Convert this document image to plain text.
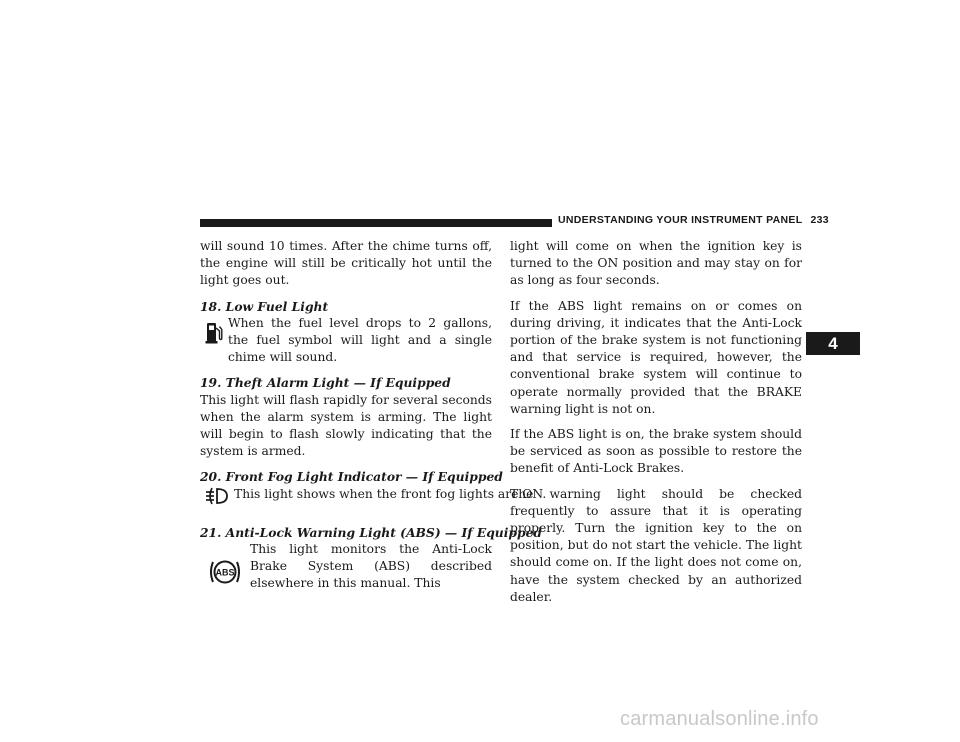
UNDERSTANDING YOUR INSTRUMENT PANEL 233

will sound 10 times. After the chime turns off, the engine will still be critically hot until the light goes out.

18. Low Fuel Light
When the fuel level drops to 2 gallons, the fuel symbol will light and a single chime will sound.
19. Theft Alarm Light — If Equipped

This light will flash rapidly for several seconds when the alarm system is arming. The light will begin to flash slowly indicating that the system is armed.

20. Front Fog Light Indicator — If Equipped
This light shows when the front fog lights are ON.
21. Anti-Lock Warning Light (ABS) — If Equipped
ABS
This light monitors the Anti-Lock Brake System (ABS) described elsewhere in this manual. This

light will come on when the ignition key is turned to the ON position and may stay on for as long as four seconds.

If the ABS light remains on or comes on during driving, it indicates that the Anti-Lock portion of the brake system is not functioning and that service is required, however, the conventional brake system will continue to operate normally provided that the BRAKE warning light is not on.

If the ABS light is on, the brake system should be serviced as soon as possible to restore the benefit of Anti-Lock Brakes.

The warning light should be checked frequently to assure that it is operating properly. Turn the ignition key to the on position, but do not start the vehicle. The light should come on. If the light does not come on, have the system checked by an authorized dealer.

4
carmanualsonline.info
